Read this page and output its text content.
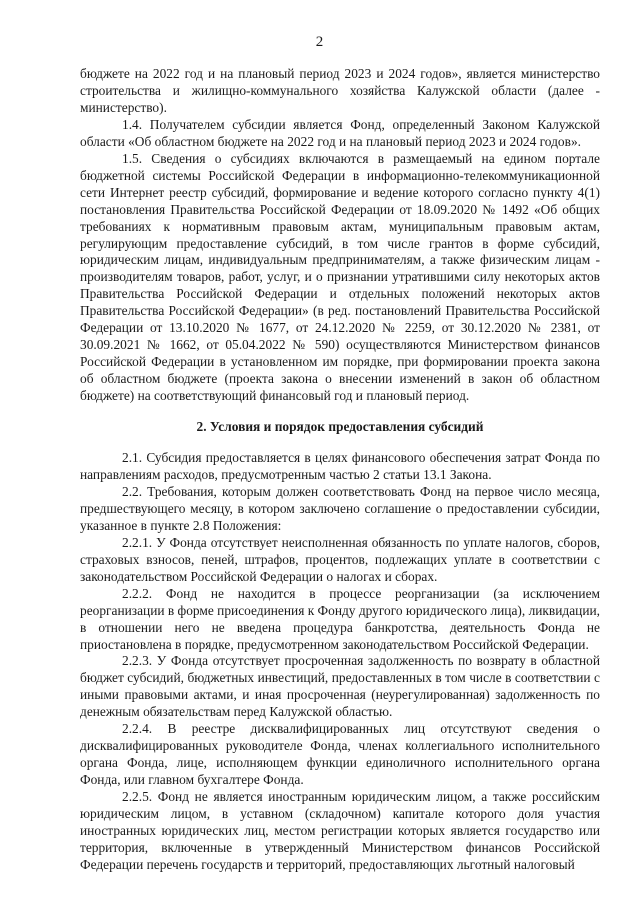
2

бюджете на 2022 год и на плановый период 2023 и 2024 годов», является министерство строительства и жилищно-коммунального хозяйства Калужской области (далее - министерство).

1.4. Получателем субсидии является Фонд, определенный Законом Калужской области «Об областном бюджете на 2022 год и на плановый период 2023 и 2024 годов».

1.5. Сведения о субсидиях включаются в размещаемый на едином портале бюджетной системы Российской Федерации в информационно-телекоммуникационной сети Интернет реестр субсидий, формирование и ведение которого согласно пункту 4(1) постановления Правительства Российской Федерации от 18.09.2020 № 1492 «Об общих требованиях к нормативным правовым актам, муниципальным правовым актам, регулирующим предоставление субсидий, в том числе грантов в форме субсидий, юридическим лицам, индивидуальным предпринимателям, а также физическим лицам - производителям товаров, работ, услуг, и о признании утратившими силу некоторых актов Правительства Российской Федерации и отдельных положений некоторых актов Правительства Российской Федерации» (в ред. постановлений Правительства Российской Федерации от 13.10.2020 № 1677, от 24.12.2020 № 2259, от 30.12.2020 № 2381, от 30.09.2021 № 1662, от 05.04.2022 № 590) осуществляются Министерством финансов Российской Федерации в установленном им порядке, при формировании проекта закона об областном бюджете (проекта закона о внесении изменений в закон об областном бюджете) на соответствующий финансовый год и плановый период.

2. Условия и порядок предоставления субсидий

2.1. Субсидия предоставляется в целях финансового обеспечения затрат Фонда по направлениям расходов, предусмотренным частью 2 статьи 13.1 Закона.

2.2. Требования, которым должен соответствовать Фонд на первое число месяца, предшествующего месяцу, в котором заключено соглашение о предоставлении субсидии, указанное в пункте 2.8 Положения:

2.2.1. У Фонда отсутствует неисполненная обязанность по уплате налогов, сборов, страховых взносов, пеней, штрафов, процентов, подлежащих уплате в соответствии с законодательством Российской Федерации о налогах и сборах.

2.2.2. Фонд не находится в процессе реорганизации (за исключением реорганизации в форме присоединения к Фонду другого юридического лица), ликвидации, в отношении него не введена процедура банкротства, деятельность Фонда не приостановлена в порядке, предусмотренном законодательством Российской Федерации.

2.2.3. У Фонда отсутствует просроченная задолженность по возврату в областной бюджет субсидий, бюджетных инвестиций, предоставленных в том числе в соответствии с иными правовыми актами, и иная просроченная (неурегулированная) задолженность по денежным обязательствам перед Калужской областью.

2.2.4. В реестре дисквалифицированных лиц отсутствуют сведения о дисквалифицированных руководителе Фонда, членах коллегиального исполнительного органа Фонда, лице, исполняющем функции единоличного исполнительного органа Фонда, или главном бухгалтере Фонда.

2.2.5. Фонд не является иностранным юридическим лицом, а также российским юридическим лицом, в уставном (складочном) капитале которого доля участия иностранных юридических лиц, местом регистрации которых является государство или территория, включенные в утвержденный Министерством финансов Российской Федерации перечень государств и территорий, предоставляющих льготный налоговый
